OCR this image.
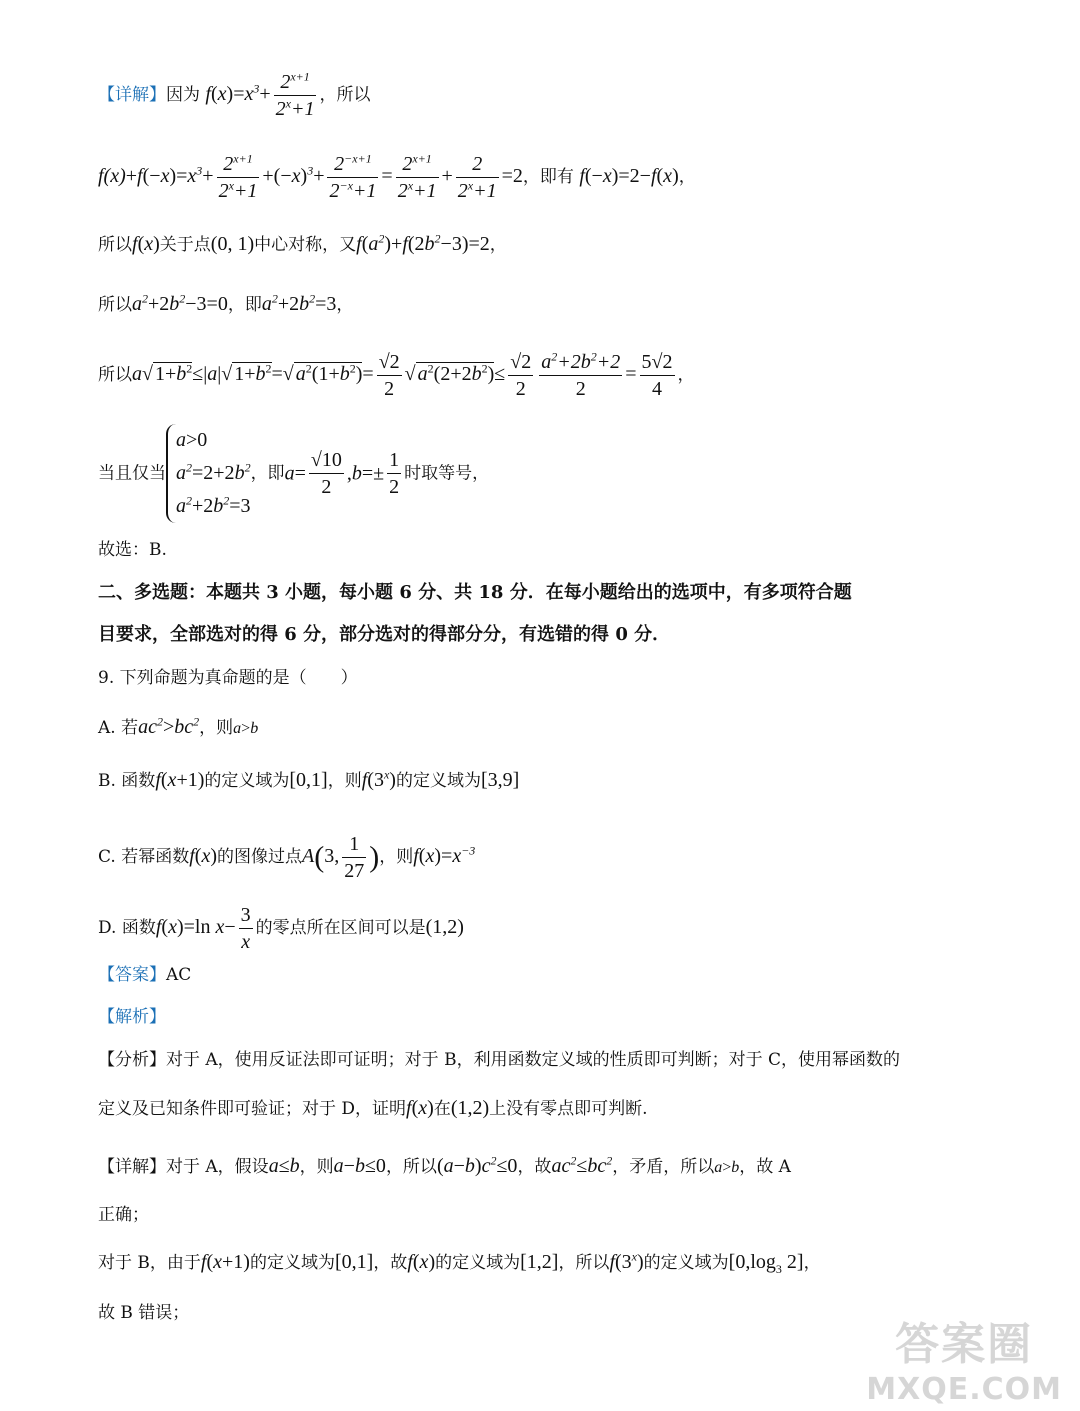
【详解】因为 $f(x)=x^3+ \frac{2^{x+1}}{2^x+1}$ ，所以
$f(x)+f(-x)=x^3+ \frac{2^{x+1}}{2^x+1} +(-x)^3+ \frac{2^{-x+1}}{2^{-x}+1} = \frac{2^{x+1}}{2^x+1} + \frac{2}{2^x+1} =2$，即有 f(−x)=2−f(x)，
所以f(x)关于点(0, 1)中心对称，又$f(a^2)+f(2b^2-3)=2$，
所以$a^2+2b^2-3=0$，即$a^2+2b^2=3$，
所以a√ $1+b^2\le|a|√$ $1+b^2=√$ $a^2(1+b^2)= \frac{√2}{2}$ √ $a^2(2+2b^2)\le \frac{√2}{2} \frac{a^2+2b^2+2}{2} = \frac{5√2}{4}$ ，
当且仅当
a>0
$a^2=2+2b^2$
$a^2+2b^2=3$
，即$a= \frac{√10}{2} ,b=\pm \frac{1}{2}$ 时取等号，
故选：B.
二、多选题：本题共 3 小题，每小题 6 分、共 18 分．在每小题给出的选项中，有多项符合题
目要求，全部选对的得 6 分，部分选对的得部分分，有选错的得 0 分．
9. 下列命题为真命题的是（　　）
A. 若$ac^2>bc^2$，则a>b
B. 函数f(x+1)的定义域为[0,1]，则f(3$^x$)的定义域为[3,9]
C. 若幂函数f(x)的图像过点A(3, $\frac{1}{27}$ )，则$f(x)=x^{-3}$
D. 函数f(x)=ln $x- \frac{3}{x}$ 的零点所在区间可以是(1,2)
【答案】AC
【解析】
【分析】对于 A，使用反证法即可证明；对于 B，利用函数定义域的性质即可判断；对于 C，使用幂函数的
定义及已知条件即可验证；对于 D，证明f(x)在(1,2)上没有零点即可判断.
【详解】对于 A，假设a≤b，则a−b≤0，所以$(a-b)c^2\le 0$，故$ac^2\le bc^2$，矛盾，所以a>b，故 A
正确；
对于 B，由于f(x+1)的定义域为[0,1]，故f(x)的定义域为[1,2]，所以f(3$^x$)的定义域为[$0,\log_3$ 2]，
故 B 错误；
答案圈
MXQE.COM
